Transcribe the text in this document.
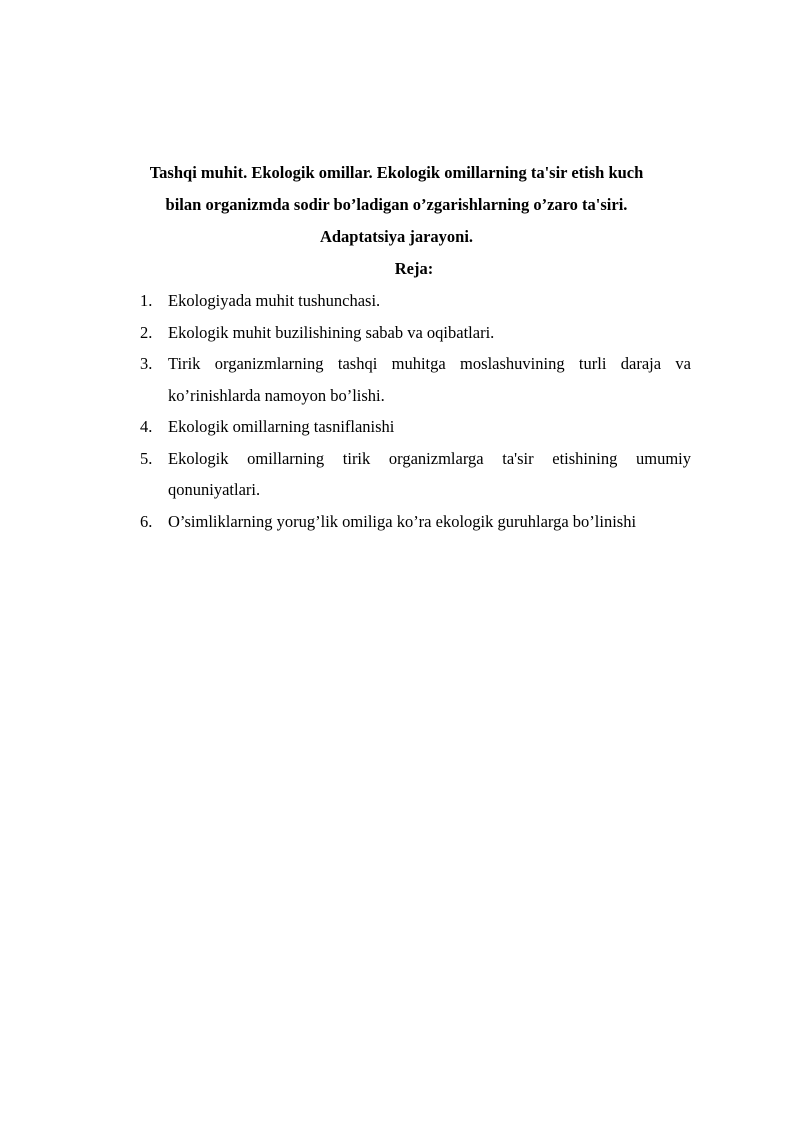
Tashqi muhit. Ekologik omillar. Ekologik omillarning ta'sir etish kuch
bilan organizmda sodir bo’ladigan o’zgarishlarning o’zaro ta'siri.
Adaptatsiya jarayoni.
Reja:
1. Ekologiyada muhit tushunchasi.
2. Ekologik muhit buzilishining sabab va oqibatlari.
3. Tirik organizmlarning tashqi muhitga moslashuvining turli daraja va ko’rinishlarda namoyon bo’lishi.
4. Ekologik omillarning tasniflanishi
5. Ekologik omillarning tirik organizmlarga ta'sir etishining umumiy qonuniyatlari.
6. O’simliklarning yorug’lik omiliga ko’ra ekologik guruhlarga bo’linishi
